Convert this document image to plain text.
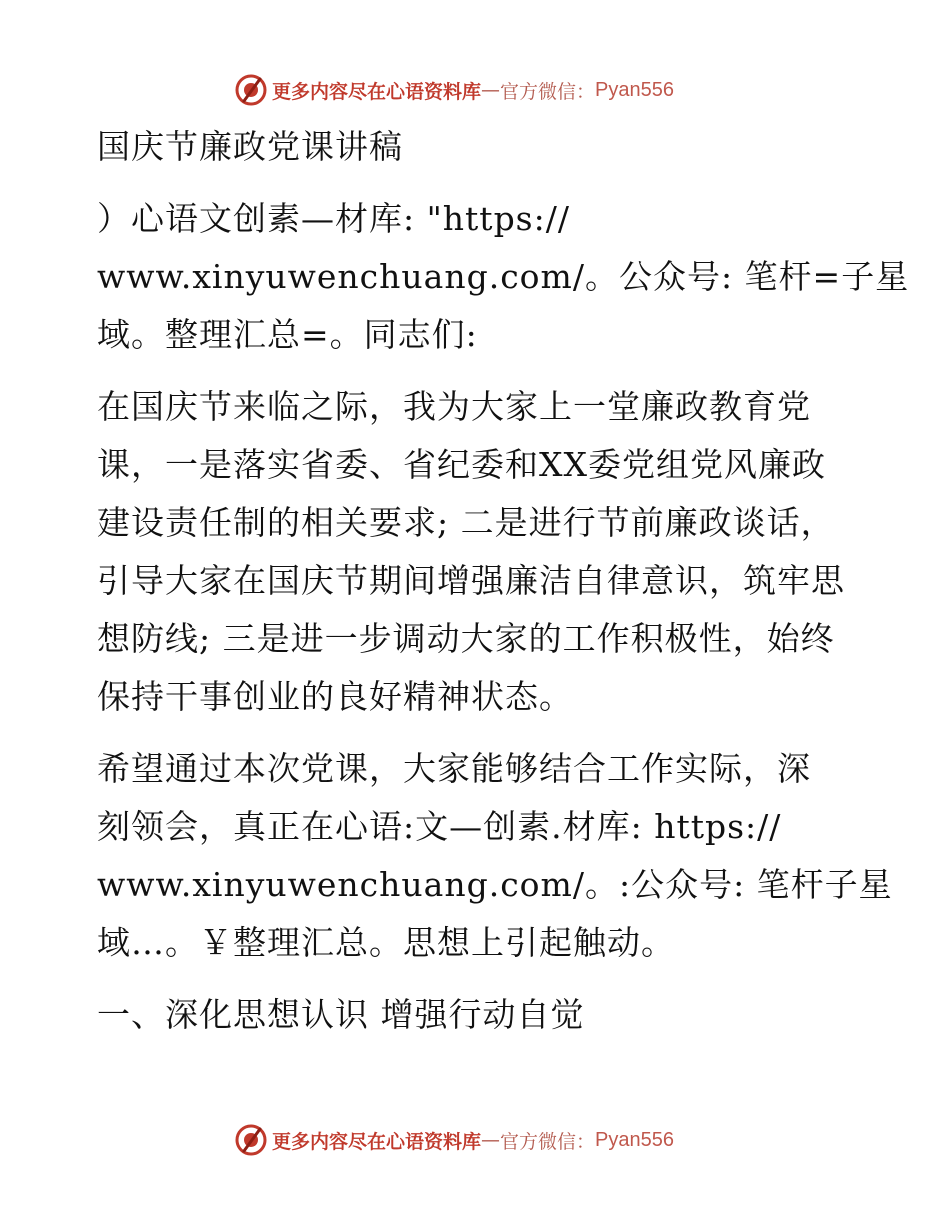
更多内容尽在心语资料库 — 官方微信： Pyan556
国庆节廉政党课讲稿
）心语文创素—材库: "https://
www.xinyuwenchuang.com/。公众号: 笔杆=子星
域。整理汇总=。同志们:
在国庆节来临之际，我为大家上一堂廉政教育党
课，一是落实省委、省纪委和XX委党组党风廉政
建设责任制的相关要求; 二是进行节前廉政谈话，
引导大家在国庆节期间增强廉洁自律意识，筑牢思
想防线; 三是进一步调动大家的工作积极性，始终
保持干事创业的良好精神状态。
希望通过本次党课，大家能够结合工作实际，深
刻领会，真正在心语:文—创素.材库: https://
www.xinyuwenchuang.com/。:公众号: 笔杆子星
域…。￥整理汇总。思想上引起触动。
一、深化思想认识 增强行动自觉
更多内容尽在心语资料库 — 官方微信： Pyan556
